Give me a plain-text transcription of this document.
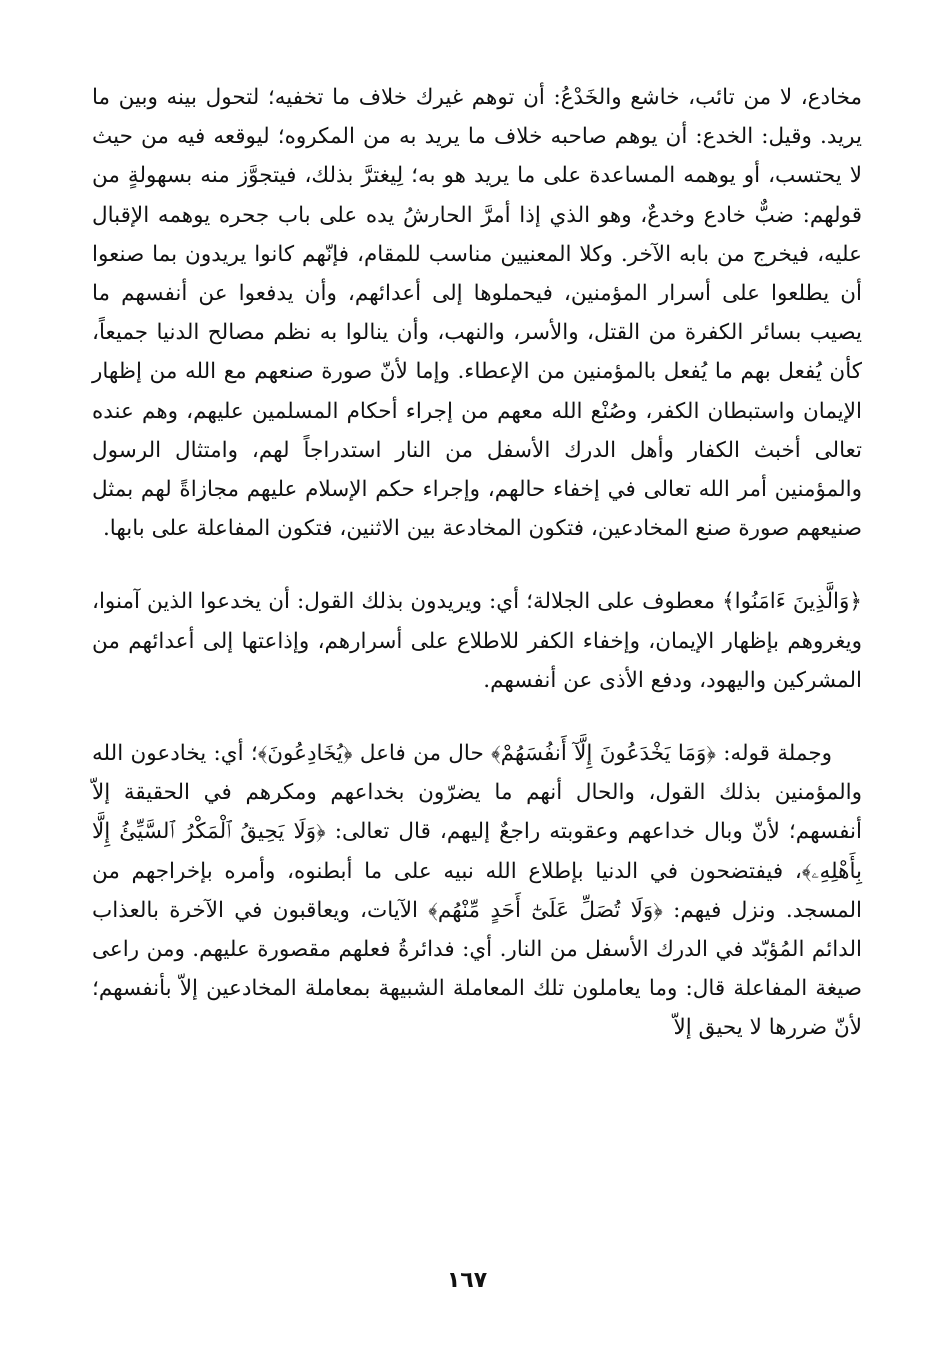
مخادع، لا من تائب، خاشع والخَدْعُ: أن توهم غيرك خلاف ما تخفيه؛ لتحول بينه وبين ما يريد. وقيل: الخدع: أن يوهم صاحبه خلاف ما يريد به من المكروه؛ ليوقعه فيه من حيث لا يحتسب، أو يوهمه المساعدة على ما يريد هو به؛ لِيغترَّ بذلك، فيتجوَّز منه بسهولةٍ من قولهم: ضبٌّ خادع وخدعٌ، وهو الذي إذا أمرَّ الحارشُ يده على باب جحره يوهمه الإقبال عليه، فيخرج من بابه الآخر. وكلا المعنيين مناسب للمقام، فإنّهم كانوا يريدون بما صنعوا أن يطلعوا على أسرار المؤمنين، فيحملوها إلى أعدائهم، وأن يدفعوا عن أنفسهم ما يصيب بسائر الكفرة من القتل، والأسر، والنهب، وأن ينالوا به نظم مصالح الدنيا جميعاً، كأن يُفعل بهم ما يُفعل بالمؤمنين من الإعطاء. وإما لأنّ صورة صنعهم مع الله من إظهار الإيمان واستبطان الكفر، وصُنْع الله معهم من إجراء أحكام المسلمين عليهم، وهم عنده تعالى أخبث الكفار وأهل الدرك الأسفل من النار استدراجاً لهم، وامتثال الرسول والمؤمنين أمر الله تعالى في إخفاء حالهم، وإجراء حكم الإسلام عليهم مجازاةً لهم بمثل صنيعهم صورة صنع المخادعين، فتكون المخادعة بين الاثنين، فتكون المفاعلة على بابها.

﴿وَالَّذِينَ ءَامَنُوا﴾ معطوف على الجلالة؛ أي: ويريدون بذلك القول: أن يخدعوا الذين آمنوا، ويغروهم بإظهار الإيمان، وإخفاء الكفر للاطلاع على أسرارهم، وإذاعتها إلى أعدائهم من المشركين واليهود، ودفع الأذى عن أنفسهم.

وجملة قوله: ﴿وَمَا يَخْدَعُونَ إِلَّآ أَنفُسَهُمْ﴾ حال من فاعل ﴿يُخَادِعُونَ﴾؛ أي: يخادعون الله والمؤمنين بذلك القول، والحال أنهم ما يضرّون بخداعهم ومكرهم في الحقيقة إلاّ أنفسهم؛ لأنّ وبال خداعهم وعقوبته راجعٌ إليهم، قال تعالى: ﴿وَلَا يَحِيقُ ٱلْمَكْرُ ٱلسَّيِّئُ إِلَّا بِأَهْلِهِۦ﴾، فيفتضحون في الدنيا بإطلاع الله نبيه على ما أبطنوه، وأمره بإخراجهم من المسجد. ونزل فيهم: ﴿وَلَا تُصَلِّ عَلَىٰٓ أَحَدٍ مِّنْهُم﴾ الآيات، ويعاقبون في الآخرة بالعذاب الدائم المُؤبّد في الدرك الأسفل من النار. أي: فدائرةُ فعلهم مقصورة عليهم. ومن راعى صيغة المفاعلة قال: وما يعاملون تلك المعاملة الشبيهة بمعاملة المخادعين إلاّ بأنفسهم؛ لأنّ ضررها لا يحيق إلاّ

١٦٧
